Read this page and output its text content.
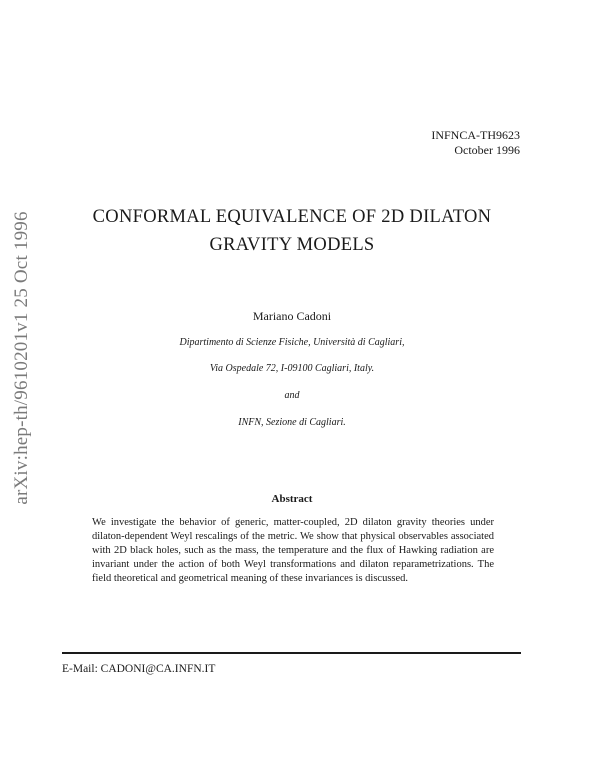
arXiv:hep-th/9610201v1 25 Oct 1996
INFNCA-TH9623
October 1996
CONFORMAL EQUIVALENCE OF 2D DILATON
GRAVITY MODELS
Mariano Cadoni
Dipartimento di Scienze Fisiche, Università di Cagliari,
Via Ospedale 72, I-09100 Cagliari, Italy.
and
INFN, Sezione di Cagliari.
Abstract
We investigate the behavior of generic, matter-coupled, 2D dilaton gravity theories under dilaton-dependent Weyl rescalings of the metric. We show that physical observables associated with 2D black holes, such as the mass, the temperature and the flux of Hawking radiation are invariant under the action of both Weyl transformations and dilaton reparametrizations. The field theoretical and geometrical meaning of these invariances is discussed.
E-Mail: CADONI@CA.INFN.IT
